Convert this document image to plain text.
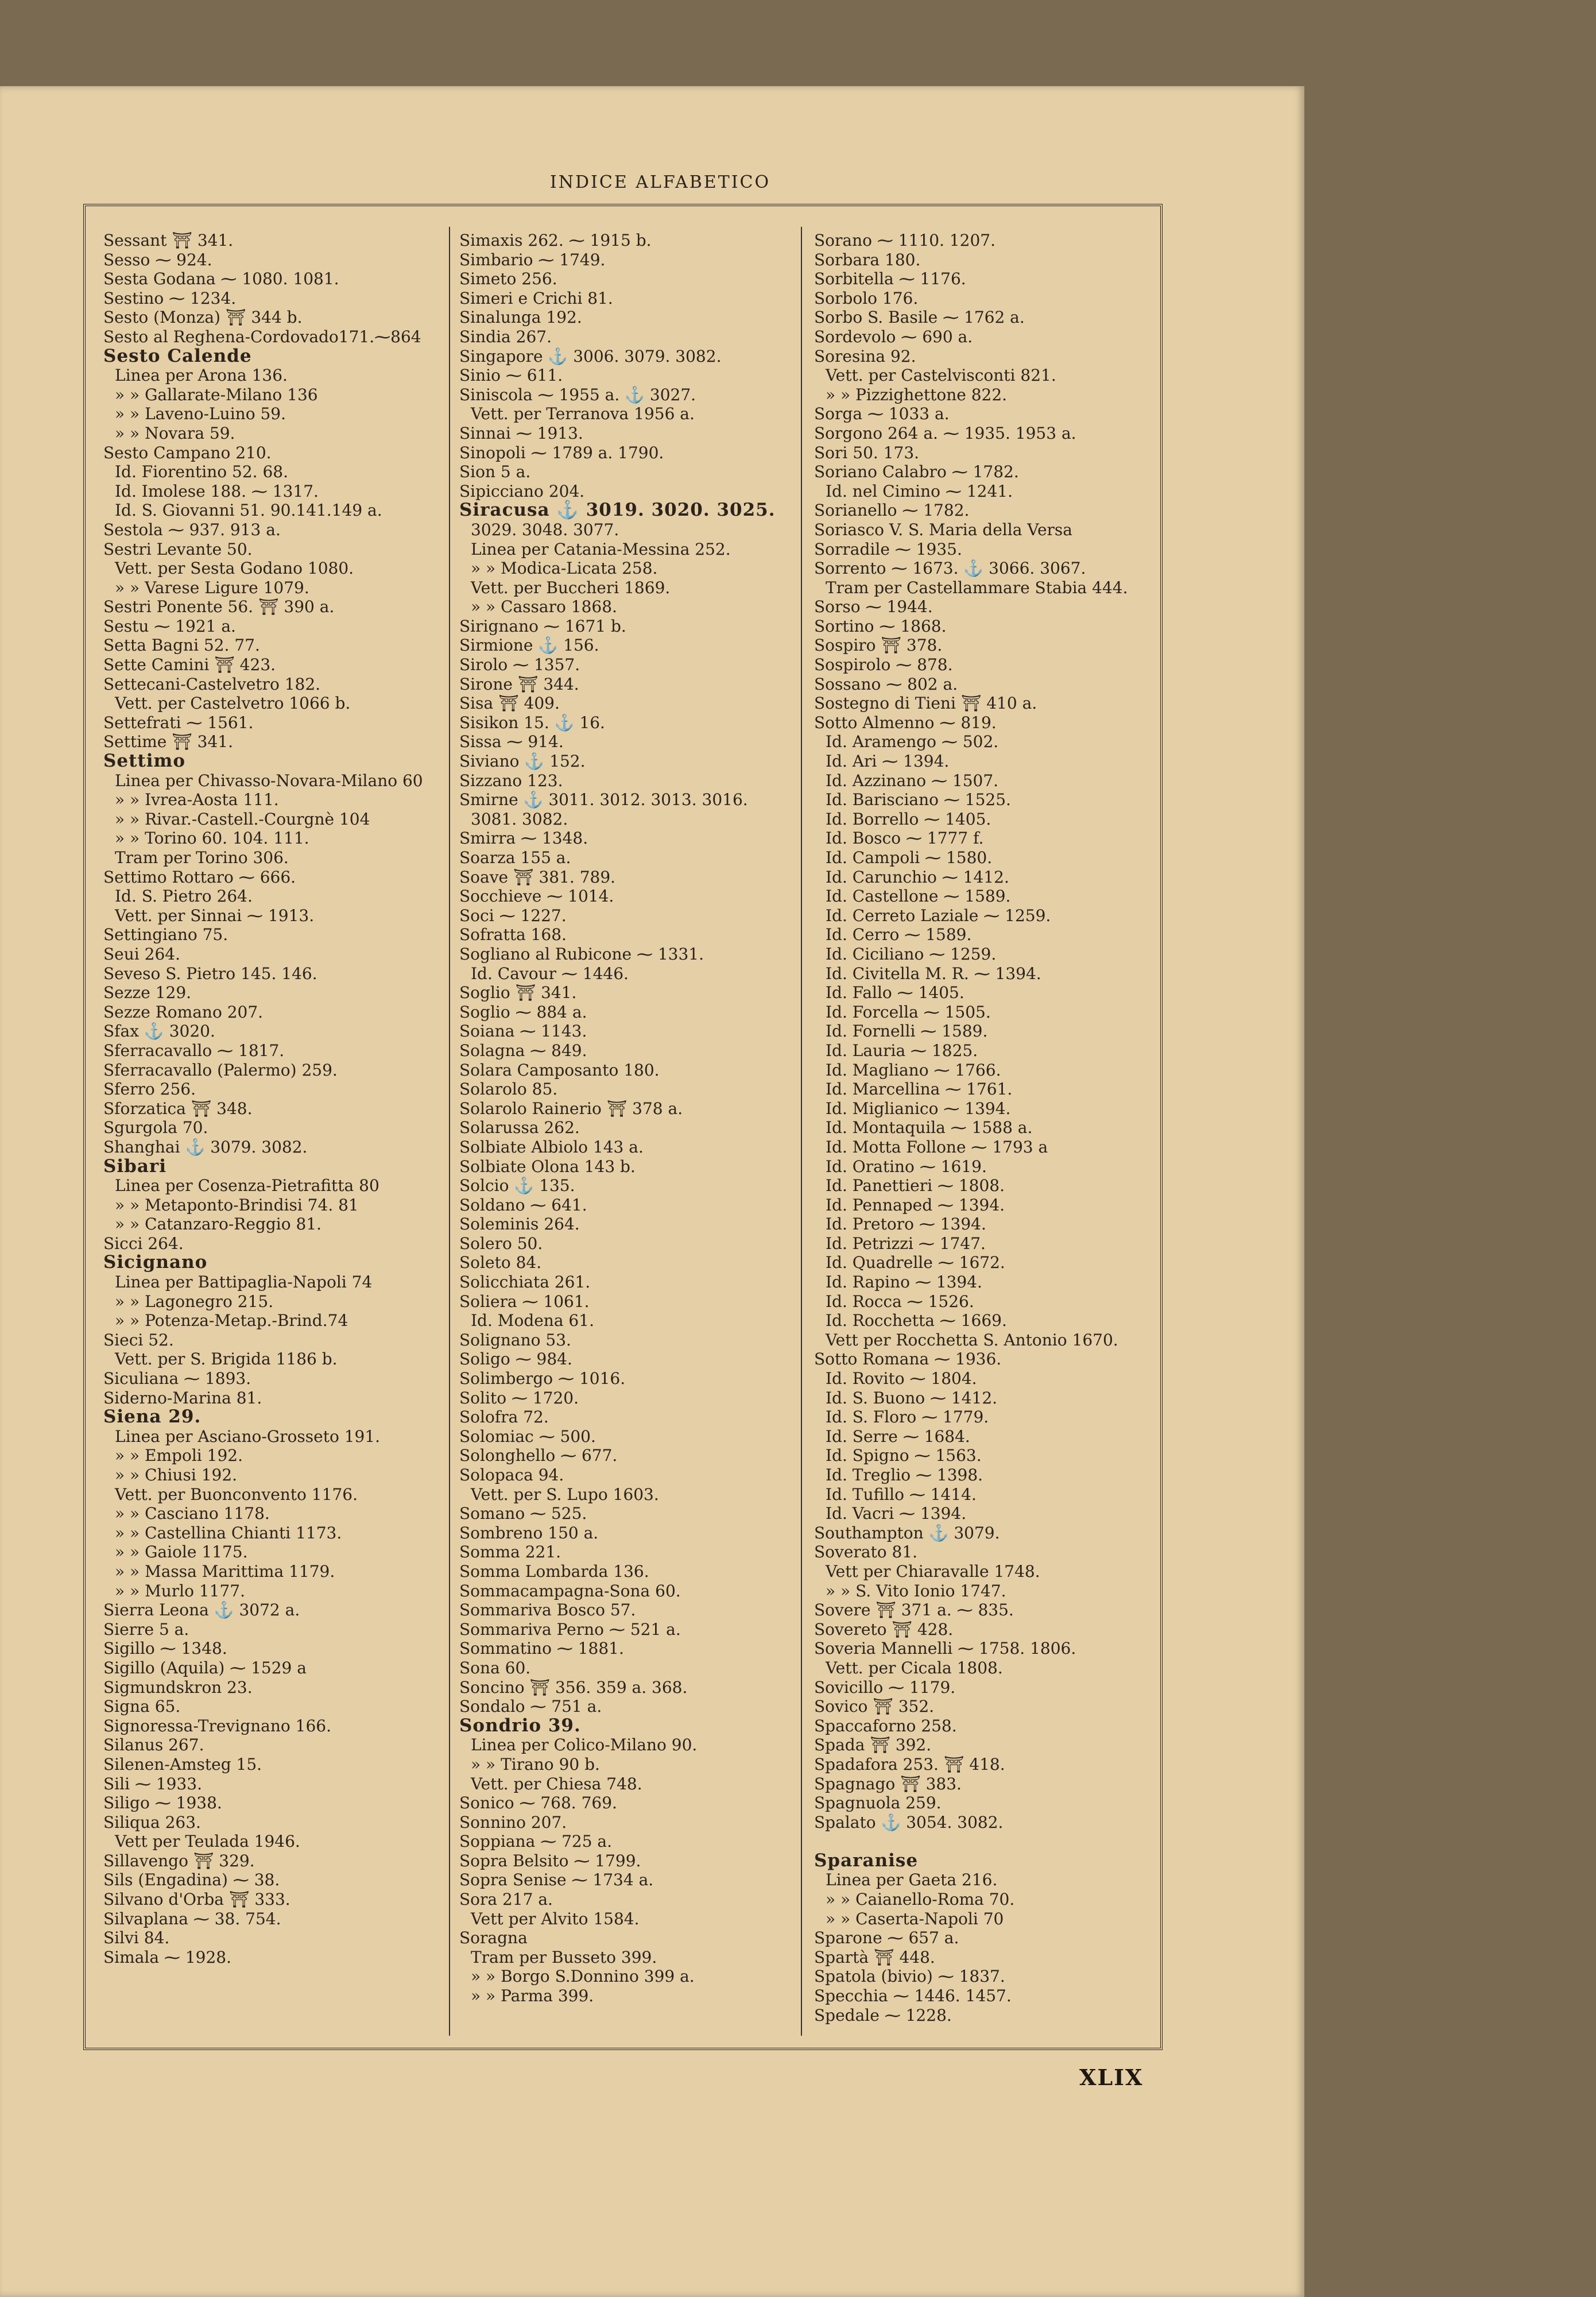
INDICE ALFABETICO
Sessant ⛩ 341.
Sesso ⁓ 924.
Sesta Godana ⁓ 1080. 1081.
Sestino ⁓ 1234.
Sesto (Monza) ⛩ 344 b.
Sesto al Reghena-Cordovado171.⁓864
Sesto Calende
Linea per Arona 136.
» » Gallarate-Milano 136
» » Laveno-Luino 59.
» » Novara 59.
Sesto Campano 210.
Id. Fiorentino 52. 68.
Id. Imolese 188. ⁓ 1317.
Id. S. Giovanni 51. 90.141.149 a.
Sestola ⁓ 937. 913 a.
Sestri Levante 50.
Vett. per Sesta Godano 1080.
» » Varese Ligure 1079.
Sestri Ponente 56. ⛩ 390 a.
Sestu ⁓ 1921 a.
Setta Bagni 52. 77.
Sette Camini ⛩ 423.
Settecani-Castelvetro 182.
Vett. per Castelvetro 1066 b.
Settefrati ⁓ 1561.
Settime ⛩ 341.
Settimo
Linea per Chivasso-Novara-Milano 60
» » Ivrea-Aosta 111.
» » Rivar.-Castell.-Courgnè 104
» » Torino 60. 104. 111.
Tram per Torino 306.
Settimo Rottaro ⁓ 666.
Id. S. Pietro 264.
Vett. per Sinnai ⁓ 1913.
Settingiano 75.
Seui 264.
Seveso S. Pietro 145. 146.
Sezze 129.
Sezze Romano 207.
Sfax ⚓ 3020.
Sferracavallo ⁓ 1817.
Sferracavallo (Palermo) 259.
Sferro 256.
Sforzatica ⛩ 348.
Sgurgola 70.
Shanghai ⚓ 3079. 3082.
Sibari
Linea per Cosenza-Pietrafitta 80
» » Metaponto-Brindisi 74. 81
» » Catanzaro-Reggio 81.
Sicci 264.
Sicignano
Linea per Battipaglia-Napoli 74
» » Lagonegro 215.
» » Potenza-Metap.-Brind.74
Sieci 52.
Vett. per S. Brigida 1186 b.
Siculiana ⁓ 1893.
Siderno-Marina 81.
Siena 29.
Linea per Asciano-Grosseto 191.
» » Empoli 192.
» » Chiusi 192.
Vett. per Buonconvento 1176.
» » Casciano 1178.
» » Castellina Chianti 1173.
» » Gaiole 1175.
» » Massa Marittima 1179.
» » Murlo 1177.
Sierra Leona ⚓ 3072 a.
Sierre 5 a.
Sigillo ⁓ 1348.
Sigillo (Aquila) ⁓ 1529 a
Sigmundskron 23.
Signa 65.
Signoressa-Trevignano 166.
Silanus 267.
Silenen-Amsteg 15.
Sili ⁓ 1933.
Siligo ⁓ 1938.
Siliqua 263.
Vett per Teulada 1946.
Sillavengo ⛩ 329.
Sils (Engadina) ⁓ 38.
Silvano d'Orba ⛩ 333.
Silvaplana ⁓ 38. 754.
Silvi 84.
Simala ⁓ 1928.
Simaxis 262. ⁓ 1915 b.
Simbario ⁓ 1749.
Simeto 256.
Simeri e Crichi 81.
Sinalunga 192.
Sindia 267.
Singapore ⚓ 3006. 3079. 3082.
Sinio ⁓ 611.
Siniscola ⁓ 1955 a. ⚓ 3027.
Vett. per Terranova 1956 a.
Sinnai ⁓ 1913.
Sinopoli ⁓ 1789 a. 1790.
Sion 5 a.
Sipicciano 204.
Siracusa ⚓ 3019. 3020. 3025.
3029. 3048. 3077.
Linea per Catania-Messina 252.
» » Modica-Licata 258.
Vett. per Buccheri 1869.
» » Cassaro 1868.
Sirignano ⁓ 1671 b.
Sirmione ⚓ 156.
Sirolo ⁓ 1357.
Sirone ⛩ 344.
Sisa ⛩ 409.
Sisikon 15. ⚓ 16.
Sissa ⁓ 914.
Siviano ⚓ 152.
Sizzano 123.
Smirne ⚓ 3011. 3012. 3013. 3016.
3081. 3082.
Smirra ⁓ 1348.
Soarza 155 a.
Soave ⛩ 381. 789.
Socchieve ⁓ 1014.
Soci ⁓ 1227.
Sofratta 168.
Sogliano al Rubicone ⁓ 1331.
Id. Cavour ⁓ 1446.
Soglio ⛩ 341.
Soglio ⁓ 884 a.
Soiana ⁓ 1143.
Solagna ⁓ 849.
Solara Camposanto 180.
Solarolo 85.
Solarolo Rainerio ⛩ 378 a.
Solarussa 262.
Solbiate Albiolo 143 a.
Solbiate Olona 143 b.
Solcio ⚓ 135.
Soldano ⁓ 641.
Soleminis 264.
Solero 50.
Soleto 84.
Solicchiata 261.
Soliera ⁓ 1061.
Id. Modena 61.
Solignano 53.
Soligo ⁓ 984.
Solimbergo ⁓ 1016.
Solito ⁓ 1720.
Solofra 72.
Solomiac ⁓ 500.
Solonghello ⁓ 677.
Solopaca 94.
Vett. per S. Lupo 1603.
Somano ⁓ 525.
Sombreno 150 a.
Somma 221.
Somma Lombarda 136.
Sommacampagna-Sona 60.
Sommariva Bosco 57.
Sommariva Perno ⁓ 521 a.
Sommatino ⁓ 1881.
Sona 60.
Soncino ⛩ 356. 359 a. 368.
Sondalo ⁓ 751 a.
Sondrio 39.
Linea per Colico-Milano 90.
» » Tirano 90 b.
Vett. per Chiesa 748.
Sonico ⁓ 768. 769.
Sonnino 207.
Soppiana ⁓ 725 a.
Sopra Belsito ⁓ 1799.
Sopra Senise ⁓ 1734 a.
Sora 217 a.
Vett per Alvito 1584.
Soragna
Tram per Busseto 399.
» » Borgo S.Donnino 399 a.
» » Parma 399.
Sorano ⁓ 1110. 1207.
Sorbara 180.
Sorbitella ⁓ 1176.
Sorbolo 176.
Sorbo S. Basile ⁓ 1762 a.
Sordevolo ⁓ 690 a.
Soresina 92.
Vett. per Castelvisconti 821.
» » Pizzighettone 822.
Sorga ⁓ 1033 a.
Sorgono 264 a. ⁓ 1935. 1953 a.
Sori 50. 173.
Soriano Calabro ⁓ 1782.
Id. nel Cimino ⁓ 1241.
Sorianello ⁓ 1782.
Soriasco V. S. Maria della Versa
Sorradile ⁓ 1935.
Sorrento ⁓ 1673. ⚓ 3066. 3067.
Tram per Castellammare Stabia 444.
Sorso ⁓ 1944.
Sortino ⁓ 1868.
Sospiro ⛩ 378.
Sospirolo ⁓ 878.
Sossano ⁓ 802 a.
Sostegno di Tieni ⛩ 410 a.
Sotto Almenno ⁓ 819.
Id. Aramengo ⁓ 502.
Id. Ari ⁓ 1394.
Id. Azzinano ⁓ 1507.
Id. Barisciano ⁓ 1525.
Id. Borrello ⁓ 1405.
Id. Bosco ⁓ 1777 f.
Id. Campoli ⁓ 1580.
Id. Carunchio ⁓ 1412.
Id. Castellone ⁓ 1589.
Id. Cerreto Laziale ⁓ 1259.
Id. Cerro ⁓ 1589.
Id. Ciciliano ⁓ 1259.
Id. Civitella M. R. ⁓ 1394.
Id. Fallo ⁓ 1405.
Id. Forcella ⁓ 1505.
Id. Fornelli ⁓ 1589.
Id. Lauria ⁓ 1825.
Id. Magliano ⁓ 1766.
Id. Marcellina ⁓ 1761.
Id. Miglianico ⁓ 1394.
Id. Montaquila ⁓ 1588 a.
Id. Motta Follone ⁓ 1793 a
Id. Oratino ⁓ 1619.
Id. Panettieri ⁓ 1808.
Id. Pennaped ⁓ 1394.
Id. Pretoro ⁓ 1394.
Id. Petrizzi ⁓ 1747.
Id. Quadrelle ⁓ 1672.
Id. Rapino ⁓ 1394.
Id. Rocca ⁓ 1526.
Id. Rocchetta ⁓ 1669.
Vett per Rocchetta S. Antonio 1670.
Sotto Romana ⁓ 1936.
Id. Rovito ⁓ 1804.
Id. S. Buono ⁓ 1412.
Id. S. Floro ⁓ 1779.
Id. Serre ⁓ 1684.
Id. Spigno ⁓ 1563.
Id. Treglio ⁓ 1398.
Id. Tufillo ⁓ 1414.
Id. Vacri ⁓ 1394.
Southampton ⚓ 3079.
Soverato 81.
Vett per Chiaravalle 1748.
» » S. Vito Ionio 1747.
Sovere ⛩ 371 a. ⁓ 835.
Sovereto ⛩ 428.
Soveria Mannelli ⁓ 1758. 1806.
Vett. per Cicala 1808.
Sovicillo ⁓ 1179.
Sovico ⛩ 352.
Spaccaforno 258.
Spada ⛩ 392.
Spadafora 253. ⛩ 418.
Spagnago ⛩ 383.
Spagnuola 259.
Spalato ⚓ 3054. 3082.

Sparanise
Linea per Gaeta 216.
» » Caianello-Roma 70.
» » Caserta-Napoli 70
Sparone ⁓ 657 a.
Spartà ⛩ 448.
Spatola (bivio) ⁓ 1837.
Specchia ⁓ 1446. 1457.
Spedale ⁓ 1228.
XLIX
